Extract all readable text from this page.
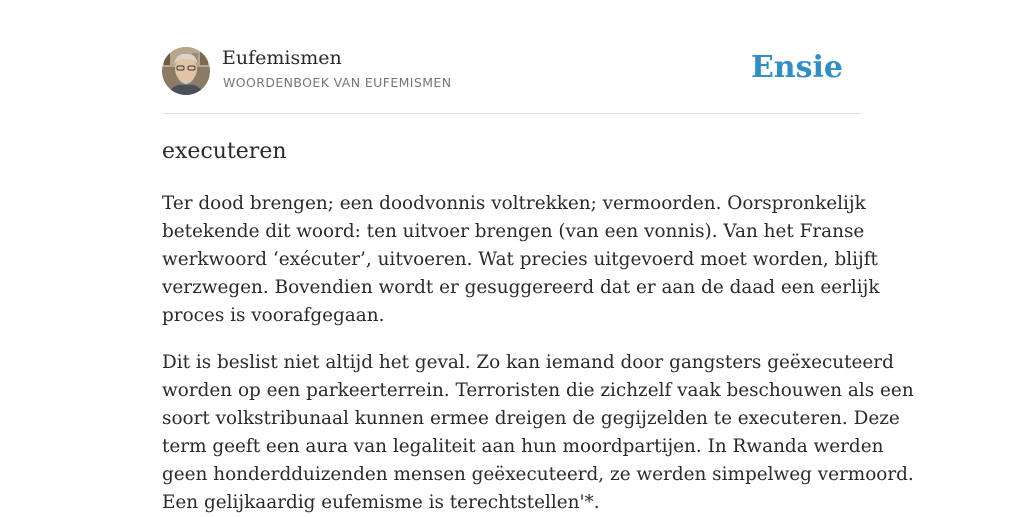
Eufemismen
WOORDENBOEK VAN EUFEMISMEN	Ensie
executeren

Ter dood brengen; een doodvonnis voltrekken; vermoorden. Oorspronkelijk
betekende dit woord: ten uitvoer brengen (van een vonnis). Van het Franse
werkwoord ‘exécuter’, uitvoeren. Wat precies uitgevoerd moet worden, blijft
verzwegen. Bovendien wordt er gesuggereerd dat er aan de daad een eerlijk
proces is voorafgegaan.

Dit is beslist niet altijd het geval. Zo kan iemand door gangsters geëxecuteerd
worden op een parkeerterrein. Terroristen die zichzelf vaak beschouwen als een
soort volkstribunaal kunnen ermee dreigen de gegijzelden te executeren. Deze
term geeft een aura van legaliteit aan hun moordpartijen. In Rwanda werden
geen honderdduizenden mensen geëxecuteerd, ze werden simpelweg vermoord.
Een gelijkaardig eufemisme is terechtstellen'*.
